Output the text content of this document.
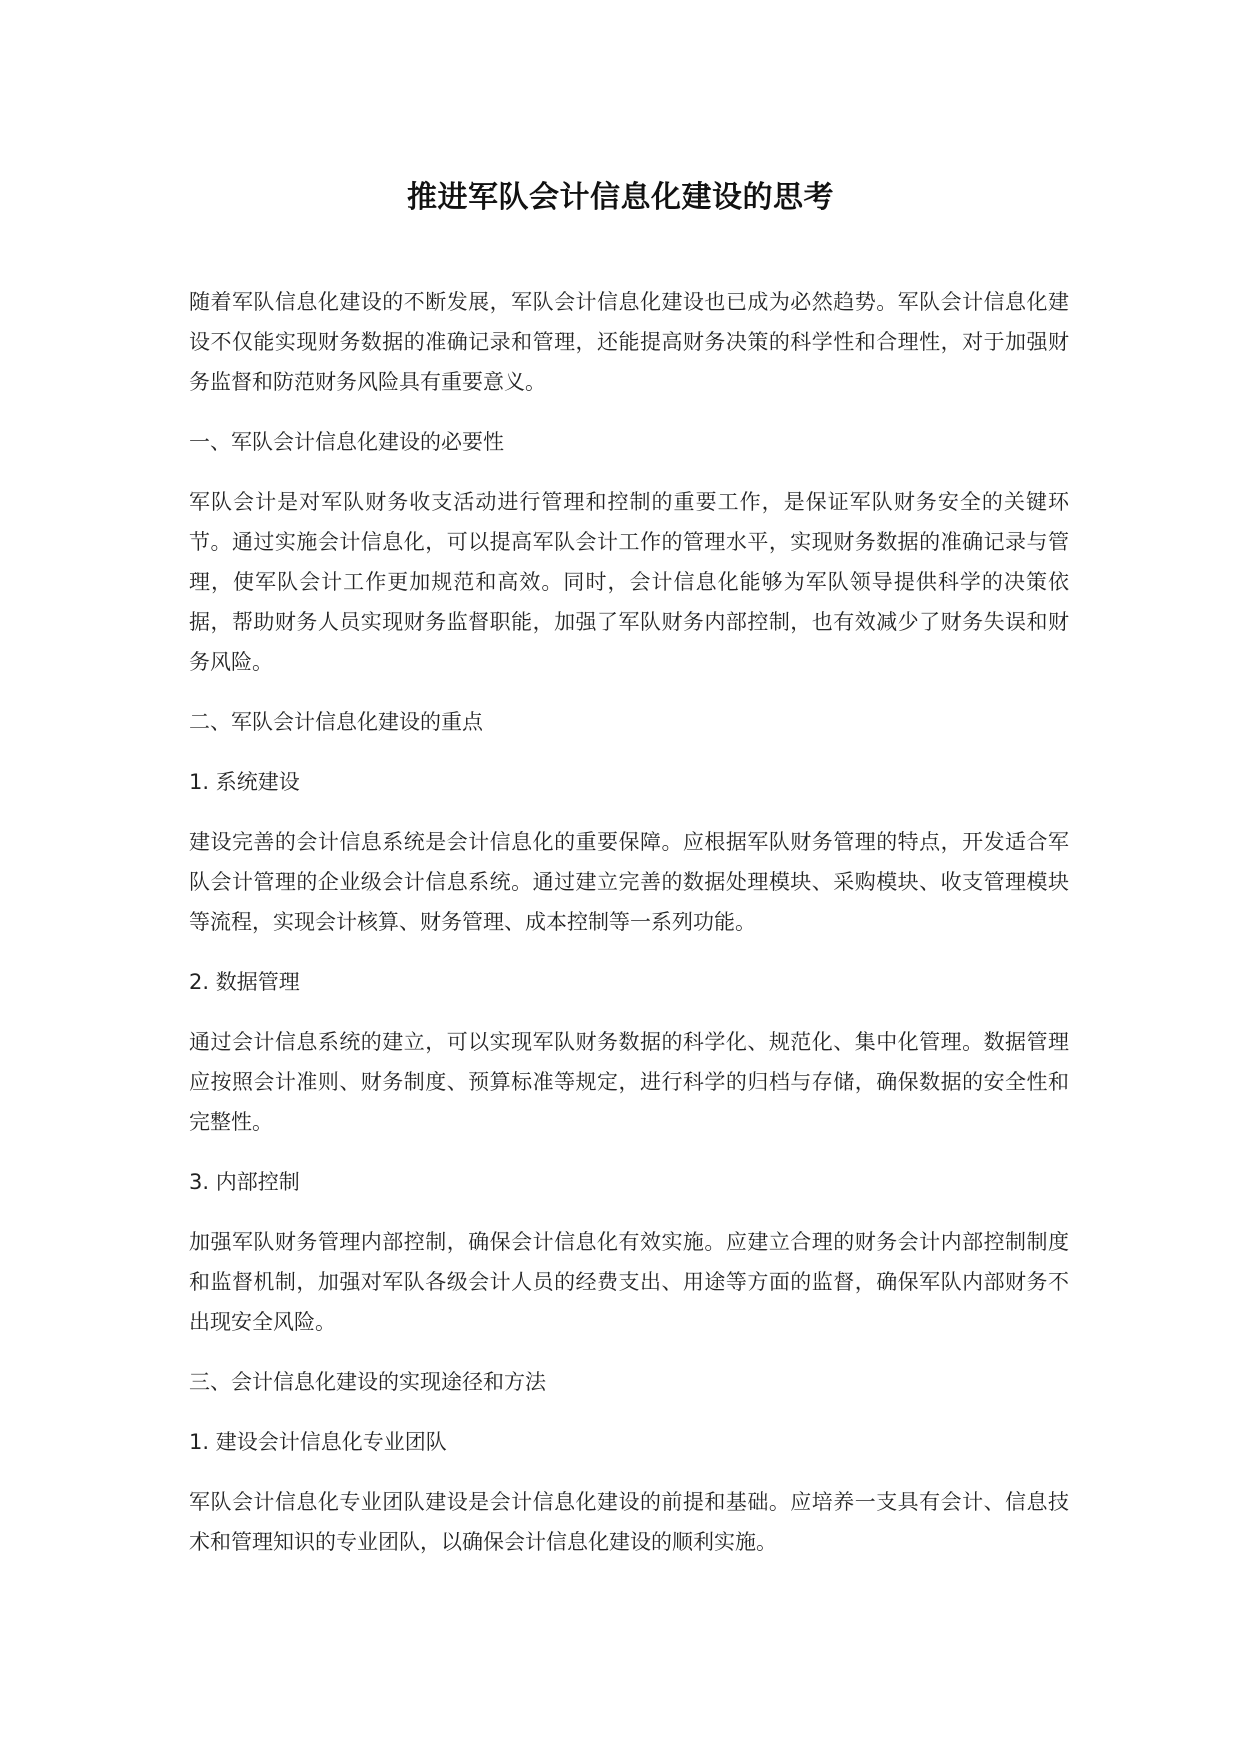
推进军队会计信息化建设的思考

随着军队信息化建设的不断发展，军队会计信息化建设也已成为必然趋势。军队会计信息化建设不仅能实现财务数据的准确记录和管理，还能提高财务决策的科学性和合理性，对于加强财务监督和防范财务风险具有重要意义。

一、军队会计信息化建设的必要性

军队会计是对军队财务收支活动进行管理和控制的重要工作，是保证军队财务安全的关键环节。通过实施会计信息化，可以提高军队会计工作的管理水平，实现财务数据的准确记录与管理，使军队会计工作更加规范和高效。同时，会计信息化能够为军队领导提供科学的决策依据，帮助财务人员实现财务监督职能，加强了军队财务内部控制，也有效减少了财务失误和财务风险。

二、军队会计信息化建设的重点

1. 系统建设

建设完善的会计信息系统是会计信息化的重要保障。应根据军队财务管理的特点，开发适合军队会计管理的企业级会计信息系统。通过建立完善的数据处理模块、采购模块、收支管理模块等流程，实现会计核算、财务管理、成本控制等一系列功能。

2. 数据管理

通过会计信息系统的建立，可以实现军队财务数据的科学化、规范化、集中化管理。数据管理应按照会计准则、财务制度、预算标准等规定，进行科学的归档与存储，确保数据的安全性和完整性。

3. 内部控制

加强军队财务管理内部控制，确保会计信息化有效实施。应建立合理的财务会计内部控制制度和监督机制，加强对军队各级会计人员的经费支出、用途等方面的监督，确保军队内部财务不出现安全风险。

三、会计信息化建设的实现途径和方法

1. 建设会计信息化专业团队

军队会计信息化专业团队建设是会计信息化建设的前提和基础。应培养一支具有会计、信息技术和管理知识的专业团队，以确保会计信息化建设的顺利实施。
